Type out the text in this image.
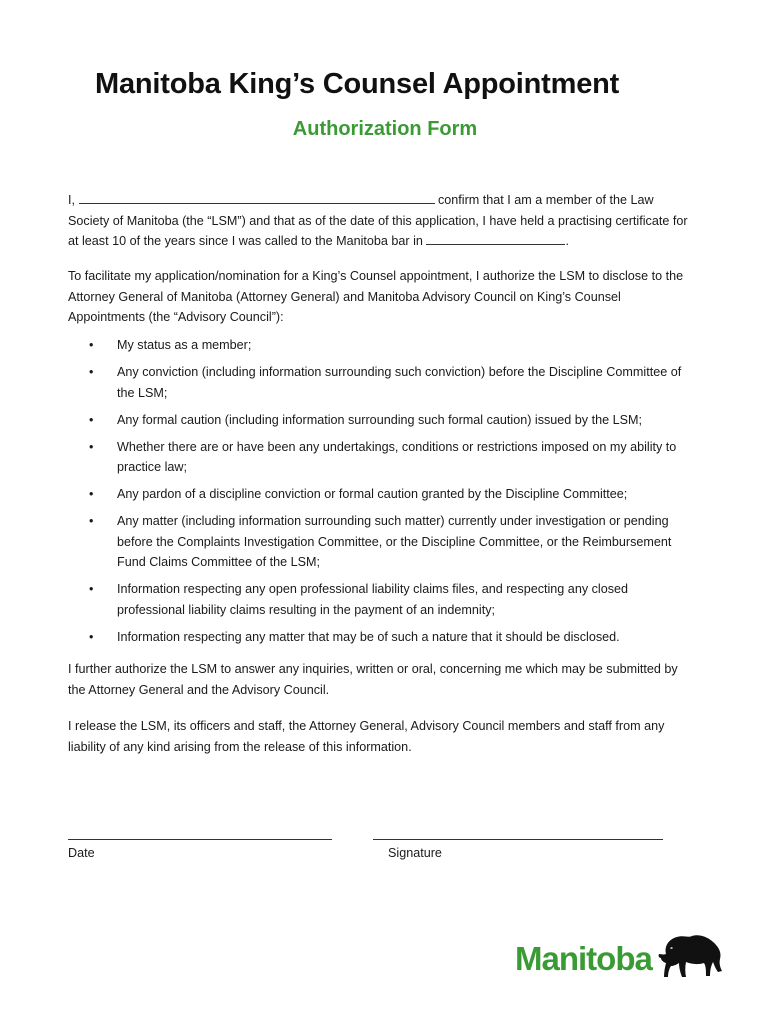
Manitoba King’s Counsel Appointment
Authorization Form

I,	confirm that I am a member of the Law Society of Manitoba (the “LSM”) and that as of the date of this application, I have held a practising certificate for at least 10 of the years since I was called to the Manitoba bar in	.

To facilitate my application/nomination for a King’s Counsel appointment, I authorize the LSM to disclose to the Attorney General of Manitoba (Attorney General) and Manitoba Advisory Council on King’s Counsel Appointments (the “Advisory Council”):

• My status as a member;
• Any conviction (including information surrounding such conviction) before the Discipline Committee of the LSM;
• Any formal caution (including information surrounding such formal caution) issued by the LSM;
• Whether there are or have been any undertakings, conditions or restrictions imposed on my ability to practice law;
• Any pardon of a discipline conviction or formal caution granted by the Discipline Committee;
• Any matter (including information surrounding such matter) currently under investigation or pending before the Complaints Investigation Committee, or the Discipline Committee, or the Reimbursement Fund Claims Committee of the LSM;
• Information respecting any open professional liability claims files, and respecting any closed professional liability claims resulting in the payment of an indemnity;
• Information respecting any matter that may be of such a nature that it should be disclosed.

I further authorize the LSM to answer any inquiries, written or oral, concerning me which may be submitted by the Attorney General and the Advisory Council.

I release the LSM, its officers and staff, the Attorney General, Advisory Council members and staff from any liability of any kind arising from the release of this information.

Date	Signature

Manitoba
